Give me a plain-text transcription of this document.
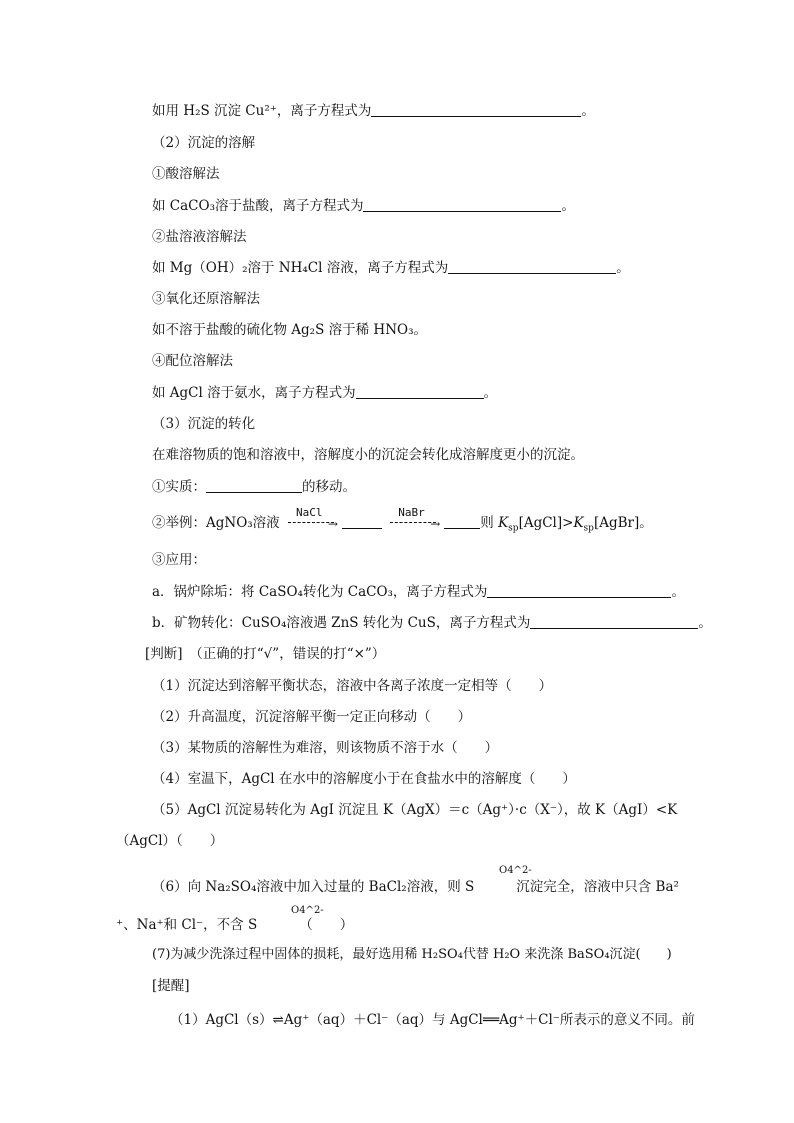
如用 H₂S 沉淀 Cu²⁺，离子方程式为	。
（2）沉淀的溶解
①酸溶解法
如 CaCO₃溶于盐酸，离子方程式为	。
②盐溶液溶解法
如 Mg（OH）₂溶于 NH₄Cl 溶液，离子方程式为	。
③氧化还原溶解法
如不溶于盐酸的硫化物 Ag₂S 溶于稀 HNO₃。
④配位溶解法
如 AgCl 溶于氨水，离子方程式为	。
（3）沉淀的转化
在难溶物质的饱和溶液中，溶解度小的沉淀会转化成溶解度更小的沉淀。
①实质：	的移动。
②举例：AgNO₃溶液
NaCl
→

NaBr
→	则 $K_{sp}[AgCl]>K_{sp}[AgBr]$。
③应用：
a．锅炉除垢：将 CaSO₄转化为 CaCO₃，离子方程式为	。
b．矿物转化：CuSO₄溶液遇 ZnS 转化为 CuS，离子方程式为	。
[判断]　（正确的打“√”，错误的打“×”）
（1）沉淀达到溶解平衡状态，溶液中各离子浓度一定相等（　　）
（2）升高温度，沉淀溶解平衡一定正向移动（　　）
（3）某物质的溶解性为难溶，则该物质不溶于水（　　）
（4）室温下，AgCl 在水中的溶解度小于在食盐水中的溶解度（　　）
（5）AgCl 沉淀易转化为 AgI 沉淀且 K（AgX）＝c（Ag⁺）·c（X⁻），故 K（AgI）<K
（AgCl）（　　）
（6）向 Na₂SO₄溶液中加入过量的 BaCl₂溶液，则 S	沉淀完全，溶液中只含 Ba²
O4^2-
⁺、Na⁺和 Cl⁻，不含 S	（　　）
O4^2-
(7)为减少洗涤过程中固体的损耗，最好选用稀 H₂SO₄代替 H₂O 来洗涤 BaSO₄沉淀(　　)
[提醒]
（1）AgCl（s）⇌Ag⁺（aq）＋Cl⁻（aq）与 AgCl══Ag⁺＋Cl⁻所表示的意义不同。前
